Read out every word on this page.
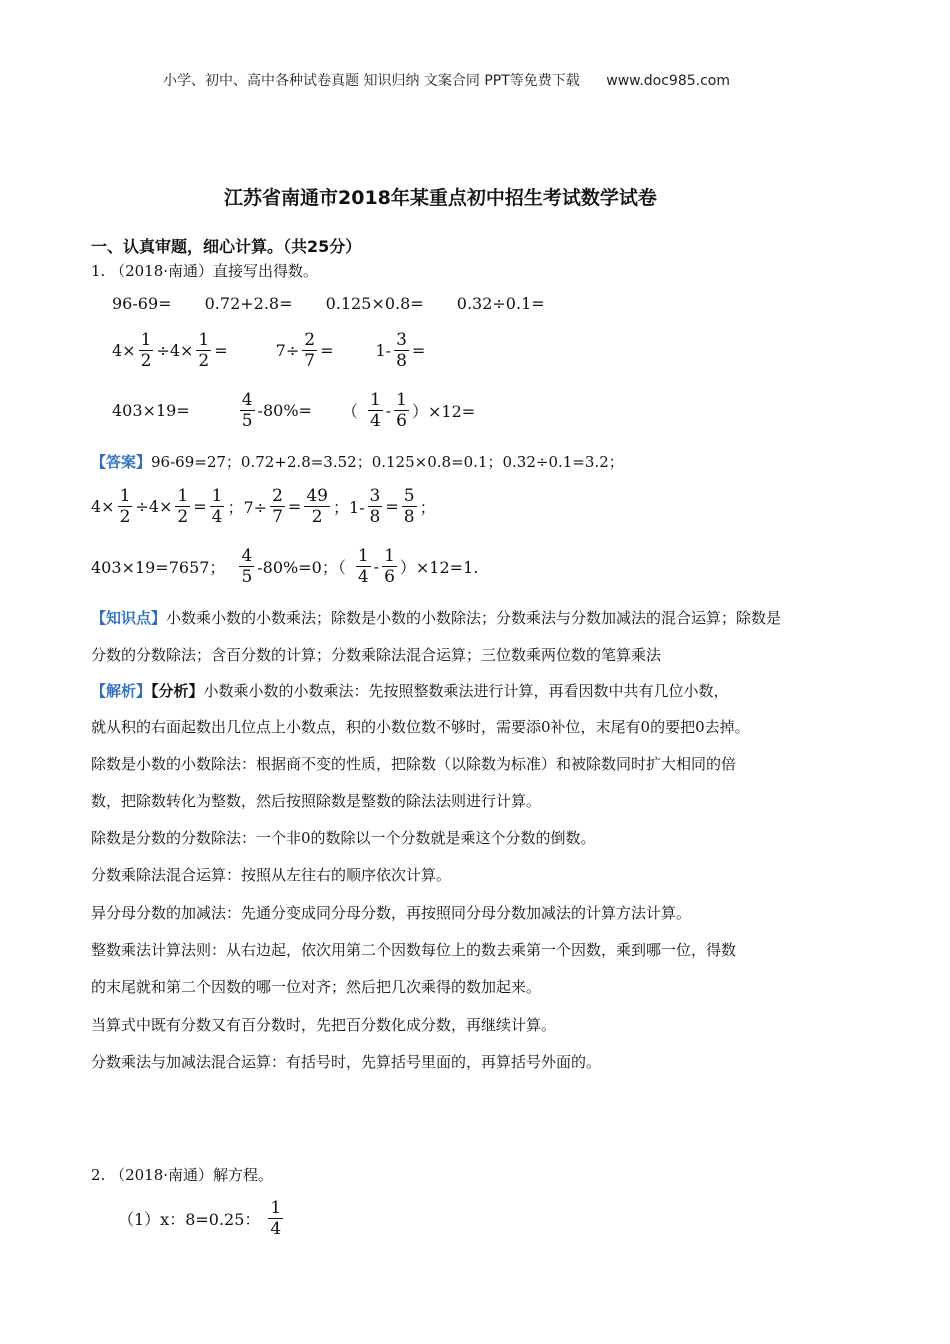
小学、初中、高中各种试卷真题 知识归纳 文案合同 PPT等免费下载 www.doc985.com
江苏省南通市2018年某重点初中招生考试数学试卷
一、认真审题，细心计算。（共25分）
1. （2018·南通）直接写出得数。
96-69= 0.72+2.8= 0.125×0.8= 0.32÷0.1=
$4\times \frac{1}{2} \div 4\times \frac{1}{2}$ =	$7\div \frac{2}{7}$ =	$1- \frac{3}{8}$ =
403×19=	$\frac{4}{5} -80\%=$ （ $\frac{1}{4} - \frac{1}{6} )\times 12=$
【答案】96-69=27；0.72+2.8=3.52；0.125×0.8=0.1；0.32÷0.1=3.2；
$4\times \frac{1}{2} \div 4\times \frac{1}{2} = \frac{1}{4}$ ；$7\div \frac{2}{7} = \frac{49}{2}$ ；$1- \frac{3}{8} = \frac{5}{8}$ ；
403×19=7657； $\frac{4}{5} -80\%=0$；（ $\frac{1}{4} - \frac{1}{6} )\times 12=1$.
【知识点】小数乘小数的小数乘法；除数是小数的小数除法；分数乘法与分数加减法的混合运算；除数是
分数的分数除法；含百分数的计算；分数乘除法混合运算；三位数乘两位数的笔算乘法
【解析】【分析】小数乘小数的小数乘法：先按照整数乘法进行计算，再看因数中共有几位小数，
就从积的右面起数出几位点上小数点，积的小数位数不够时，需要添0补位，末尾有0的要把0去掉。
除数是小数的小数除法：根据商不变的性质，把除数（以除数为标准）和被除数同时扩大相同的倍
数，把除数转化为整数，然后按照除数是整数的除法法则进行计算。
除数是分数的分数除法：一个非0的数除以一个分数就是乘这个分数的倒数。
分数乘除法混合运算：按照从左往右的顺序依次计算。
异分母分数的加减法：先通分变成同分母分数，再按照同分母分数加减法的计算方法计算。
整数乘法计算法则：从右边起，依次用第二个因数每位上的数去乘第一个因数，乘到哪一位，得数
的末尾就和第二个因数的哪一位对齐；然后把几次乘得的数加起来。
当算式中既有分数又有百分数时，先把百分数化成分数，再继续计算。
分数乘法与加减法混合运算：有括号时，先算括号里面的，再算括号外面的。
2. （2018·南通）解方程。
（1）x：8=0.25： $\frac{1}{4}$
